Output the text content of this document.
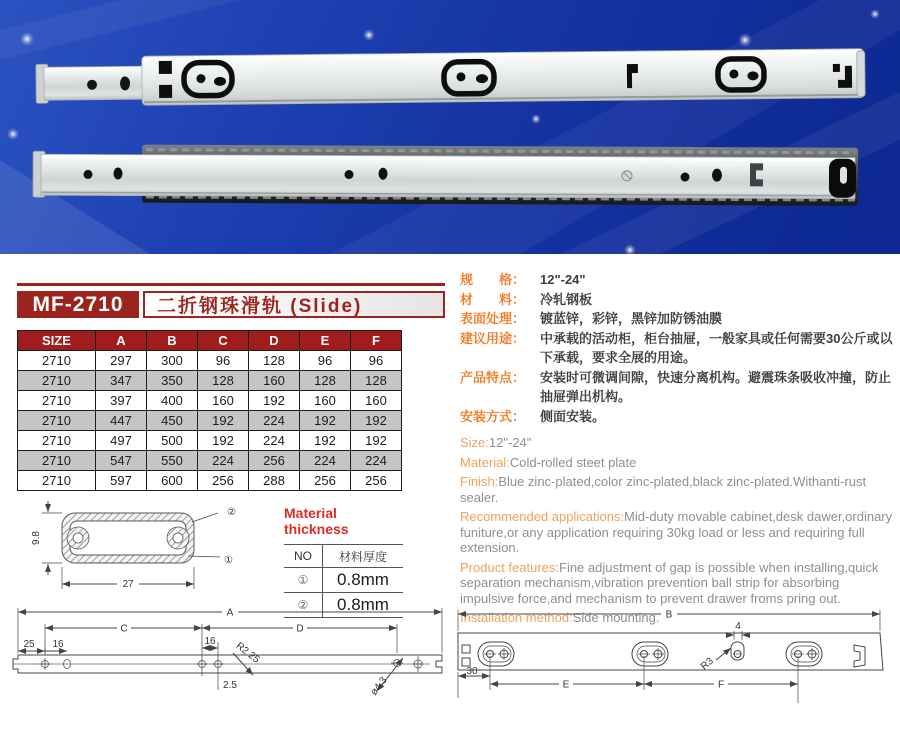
MF-2710	二折钢珠滑轨 (Slide)
SIZE	A	B	C	D	E	F
2710	297	300	96	128	96	96
2710	347	350	128	160	128	128
2710	397	400	160	192	160	160
2710	447	450	192	224	192	192
2710	497	500	192	224	192	192
2710	547	550	224	256	224	224
2710	597	600	256	288	256	256
规　　格： 12"-24"
材　　料： 冷轧钢板
表面处理： 镀蓝锌，彩锌，黑锌加防锈油膜
建议用途： 中承载的活动柜，柜台抽屉，一般家具或任何需要30公斤或以下承载，要求全展的用途。
产品特点： 安装时可微调间隙，快速分离机构。避震珠条吸收冲撞，防止抽屉弹出机构。
安装方式： 侧面安装。
Size:12"-24"
Material:Cold-rolled steet plate
Finish:Blue zinc-plated,color zinc-plated,black zinc-plated.Withanti-rust sealer.
Recommended applications:Mid-duty movable cabinet,desk dawer,ordinary funiture,or any application requiring 30kg load or less and requiring full extension.
Product features:Fine adjustment of gap is possible when installing,quick separation mechanism,vibration prevention ball strip for absorbing impulsive force,and mechanism to prevent drawer froms pring out.
Installation method:Side mounting.
9.8
27
②
①
Material thickness
NO	材料厚度
①	0.8mm
②	0.8mm
A
C	D
25 16	16 R2.25
2.5	ø4.3
4
R3
B
30
E	F
